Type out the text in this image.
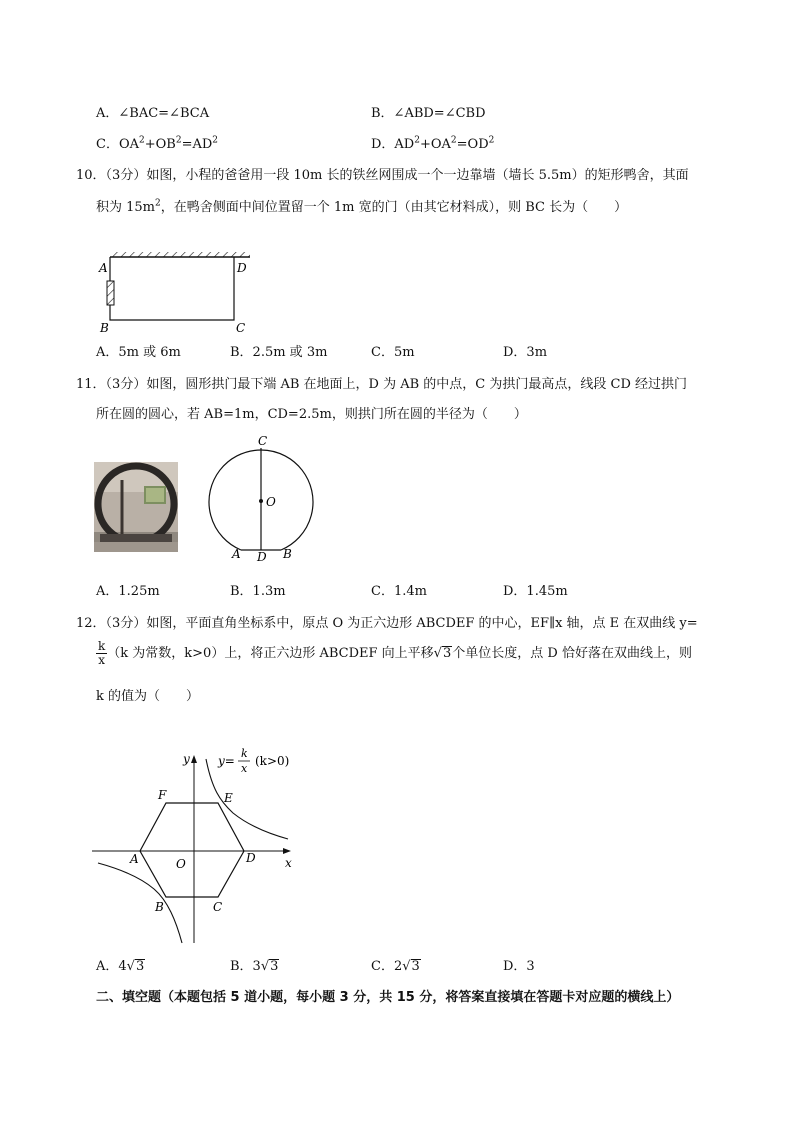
A．∠BAC=∠BCA	B．∠ABD=∠CBD
C．$OA^2+OB^2=AD^2$	D．$AD^2+OA^2=OD^2$
10．（3分）如图，小程的爸爸用一段 10m 长的铁丝网围成一个一边靠墙（墙长 5.5m）的矩形鸭舍，其面
积为 $15m^2$，在鸭舍侧面中间位置留一个 1m 宽的门（由其它材料成），则 BC 长为（　　）
A	D
B	C
A．5m 或 6m	B．2.5m 或 3m	C．5m	D．3m
11．（3分）如图，圆形拱门最下端 AB 在地面上，D 为 AB 的中点，C 为拱门最高点，线段 CD 经过拱门
所在圆的圆心，若 AB=1m，CD=2.5m，则拱门所在圆的半径为（　　）
C
O
A D B
A．1.25m	B．1.3m	C．1.4m	D．1.45m
12．（3分）如图，平面直角坐标系中，原点 O 为正六边形 ABCDEF 的中心，EF∥x 轴，点 E 在双曲线 y=
$\frac{k}{x} (k$ 为常数，k>0）上，将正六边形 ABCDEF 向上平移√3个单位长度，点 D 恰好落在双曲线上，则
k 的值为（　　）
y
x
O
A
B	C
D
E
F
y=
k
x
(k>0)
A．4√3	B．3√3	C．2√3	D．3
二、填空题（本题包括 5 道小题，每小题 3 分，共 15 分，将答案直接填在答题卡对应题的横线上）
